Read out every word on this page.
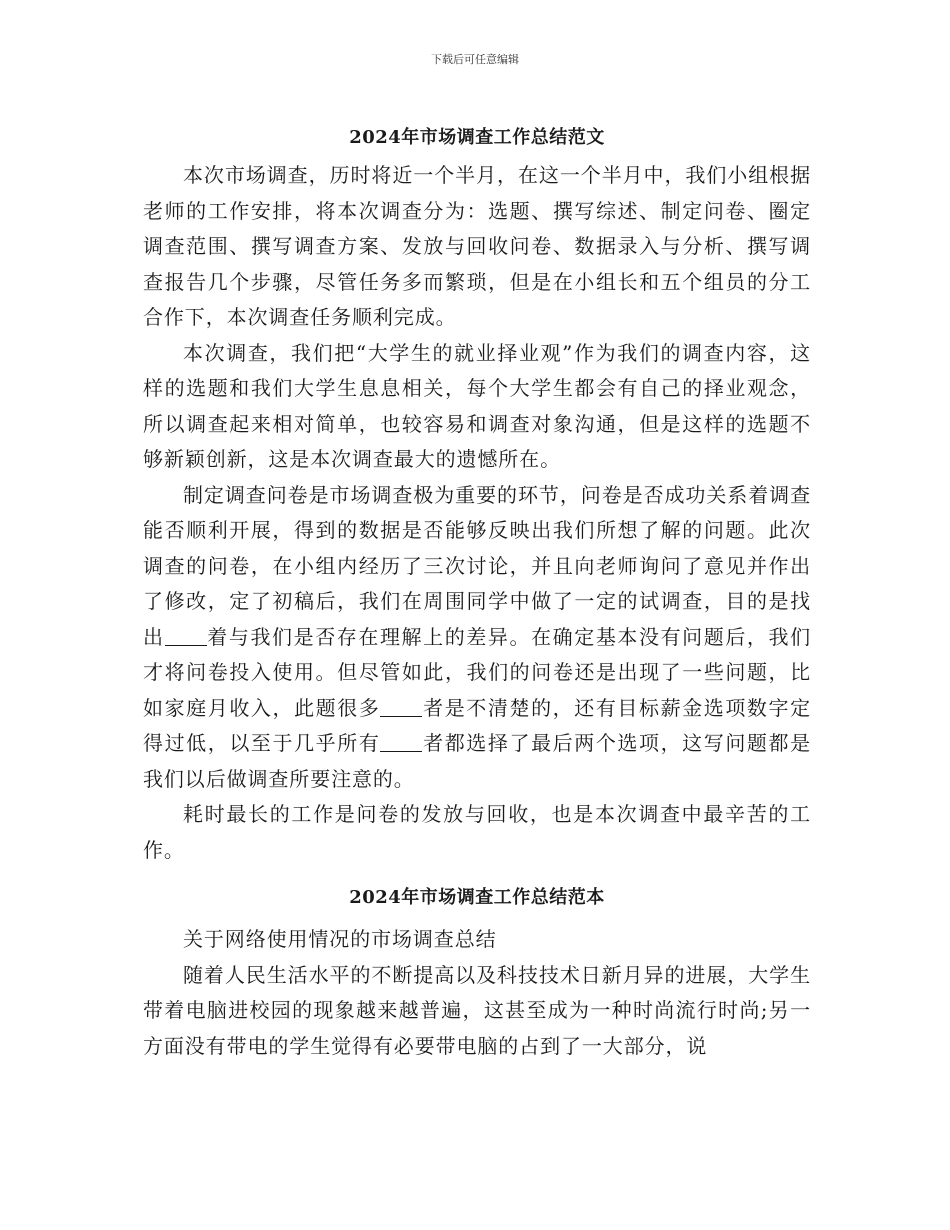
下载后可任意编辑
2024年市场调查工作总结范文

本次市场调查，历时将近一个半月，在这一个半月中，我们小组根据老师的工作安排，将本次调查分为：选题、撰写综述、制定问卷、圈定调查范围、撰写调查方案、发放与回收问卷、数据录入与分析、撰写调查报告几个步骤，尽管任务多而繁琐，但是在小组长和五个组员的分工合作下，本次调查任务顺利完成。

本次调查，我们把“大学生的就业择业观”作为我们的调查内容，这样的选题和我们大学生息息相关，每个大学生都会有自己的择业观念，所以调查起来相对简单，也较容易和调查对象沟通，但是这样的选题不够新颖创新，这是本次调查最大的遗憾所在。

制定调查问卷是市场调查极为重要的环节，问卷是否成功关系着调查能否顺利开展，得到的数据是否能够反映出我们所想了解的问题。此次调查的问卷，在小组内经历了三次讨论，并且向老师询问了意见并作出了修改，定了初稿后，我们在周围同学中做了一定的试调查，目的是找出 着与我们是否存在理解上的差异。在确定基本没有问题后，我们才将问卷投入使用。但尽管如此，我们的问卷还是出现了一些问题，比如家庭月收入，此题很多 者是不清楚的，还有目标薪金选项数字定得过低，以至于几乎所有 者都选择了最后两个选项，这写问题都是我们以后做调查所要注意的。

耗时最长的工作是问卷的发放与回收，也是本次调查中最辛苦的工作。

2024年市场调查工作总结范本

关于网络使用情况的市场调查总结

随着人民生活水平的不断提高以及科技技术日新月异的进展，大学生带着电脑进校园的现象越来越普遍，这甚至成为一种时尚流行时尚;另一方面没有带电的学生觉得有必要带电脑的占到了一大部分，说
